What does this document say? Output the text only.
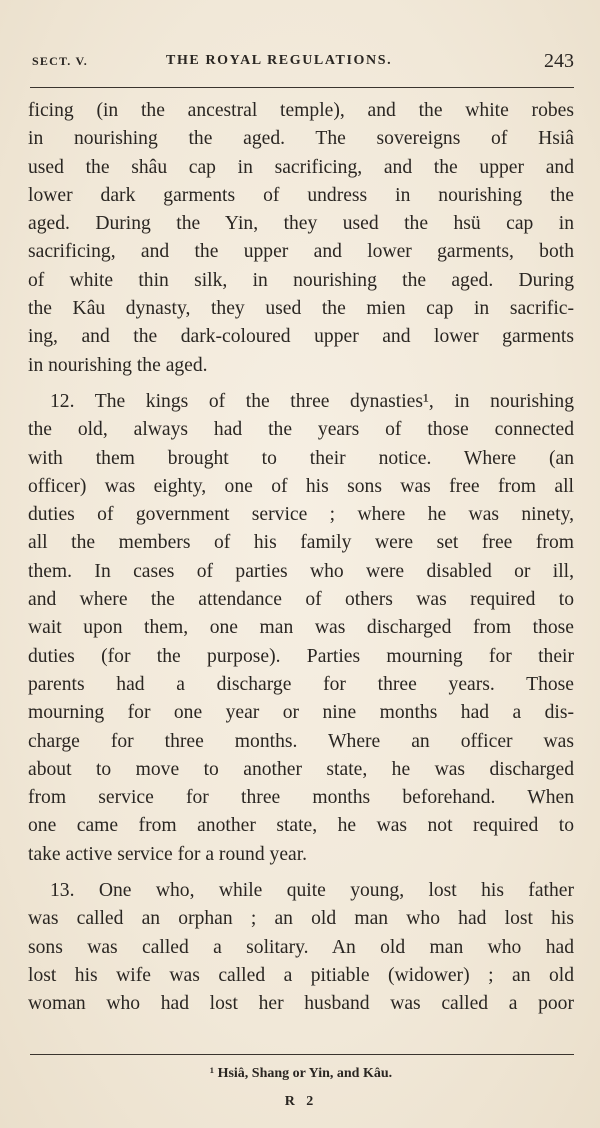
SECT. V.	THE ROYAL REGULATIONS.	243
ficing (in the ancestral temple), and the white robes
in nourishing the aged. The sovereigns of Hsiâ
used the shâu cap in sacrificing, and the upper and
lower dark garments of undress in nourishing the
aged. During the Yin, they used the hsü cap in
sacrificing, and the upper and lower garments, both
of white thin silk, in nourishing the aged. During
the Kâu dynasty, they used the mien cap in sacrific-
ing, and the dark-coloured upper and lower garments
in nourishing the aged.
12. The kings of the three dynasties¹, in nourishing
the old, always had the years of those connected
with them brought to their notice. Where (an
officer) was eighty, one of his sons was free from all
duties of government service ; where he was ninety,
all the members of his family were set free from
them. In cases of parties who were disabled or ill,
and where the attendance of others was required to
wait upon them, one man was discharged from those
duties (for the purpose). Parties mourning for their
parents had a discharge for three years. Those
mourning for one year or nine months had a dis-
charge for three months. Where an officer was
about to move to another state, he was discharged
from service for three months beforehand. When
one came from another state, he was not required to
take active service for a round year.
13. One who, while quite young, lost his father
was called an orphan ; an old man who had lost his
sons was called a solitary. An old man who had
lost his wife was called a pitiable (widower) ; an old
woman who had lost her husband was called a poor
¹ Hsiâ, Shang or Yin, and Kâu.
R 2
